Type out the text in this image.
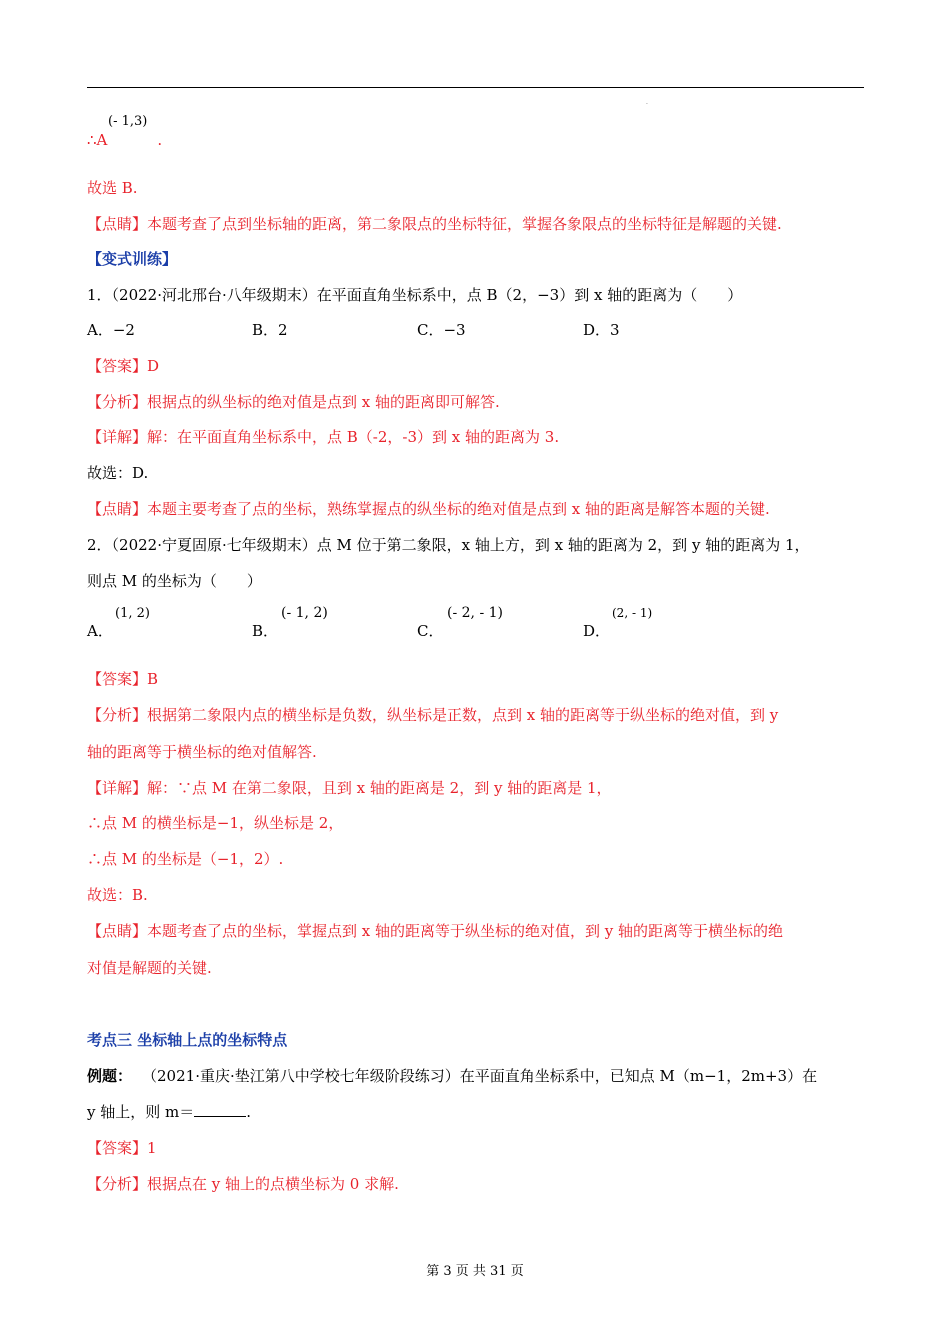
.
(- 1,3)
∴A	.
故选 B.
【点睛】本题考查了点到坐标轴的距离，第二象限点的坐标特征，掌握各象限点的坐标特征是解题的关键.
【变式训练】
1．（2022·河北邢台·八年级期末）在平面直角坐标系中，点 B（2，−3）到 x 轴的距离为（　　）
A．−2	B．2	C．−3	D．3
【答案】D
【分析】根据点的纵坐标的绝对值是点到 x 轴的距离即可解答.
【详解】解：在平面直角坐标系中，点 B（-2，-3）到 x 轴的距离为 3.
故选：D.
【点睛】本题主要考查了点的坐标，熟练掌握点的纵坐标的绝对值是点到 x 轴的距离是解答本题的关键.
2．（2022·宁夏固原·七年级期末）点 M 位于第二象限，x 轴上方，到 x 轴的距离为 2，到 y 轴的距离为 1，
则点 M 的坐标为（　　）
(1, 2)
A．
(- 1, 2)
B．
(- 2, - 1)
C．
(2, - 1)
D．
【答案】B
【分析】根据第二象限内点的横坐标是负数，纵坐标是正数，点到 x 轴的距离等于纵坐标的绝对值，到 y
轴的距离等于横坐标的绝对值解答.
【详解】解：∵点 M 在第二象限，且到 x 轴的距离是 2，到 y 轴的距离是 1，
∴点 M 的横坐标是−1，纵坐标是 2，
∴点 M 的坐标是（−1，2）.
故选：B.
【点睛】本题考查了点的坐标，掌握点到 x 轴的距离等于纵坐标的绝对值，到 y 轴的距离等于横坐标的绝
对值是解题的关键.
考点三 坐标轴上点的坐标特点
例题： （2021·重庆·垫江第八中学校七年级阶段练习）在平面直角坐标系中，已知点 M（m−1，2m+3）在
y 轴上，则 m＝	.
【答案】1
【分析】根据点在 y 轴上的点横坐标为 0 求解.
第 3 页 共 31 页
